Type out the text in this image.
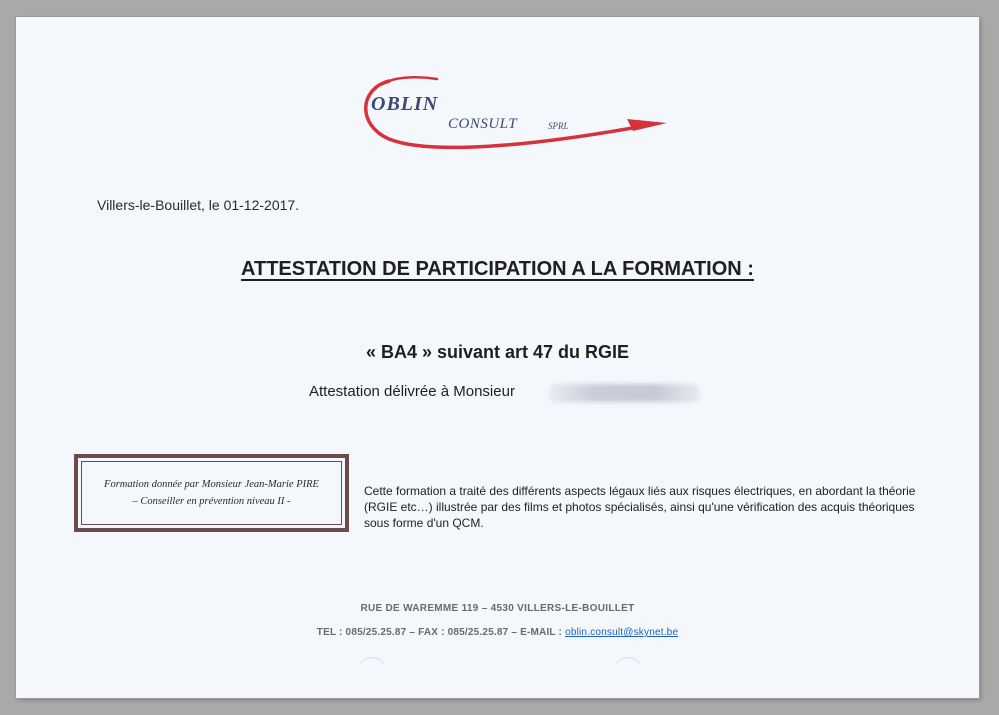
OBLIN
CONSULT	SPRL
Villers-le-Bouillet, le 01-12-2017.
ATTESTATION DE PARTICIPATION A LA FORMATION :
« BA4 » suivant art 47 du RGIE
Attestation délivrée à Monsieur
Formation donnée par Monsieur Jean-Marie PIRE
– Conseiller en prévention niveau II -
Cette formation a traité des différents aspects légaux liés aux risques électriques, en abordant la théorie (RGIE etc…) illustrée par des films et photos spécialisés, ainsi qu'une vérification des acquis théoriques sous forme d'un QCM.
RUE DE WAREMME 119 – 4530 VILLERS-LE-BOUILLET
TEL : 085/25.25.87 – FAX : 085/25.25.87 – E-MAIL : oblin.consult@skynet.be
